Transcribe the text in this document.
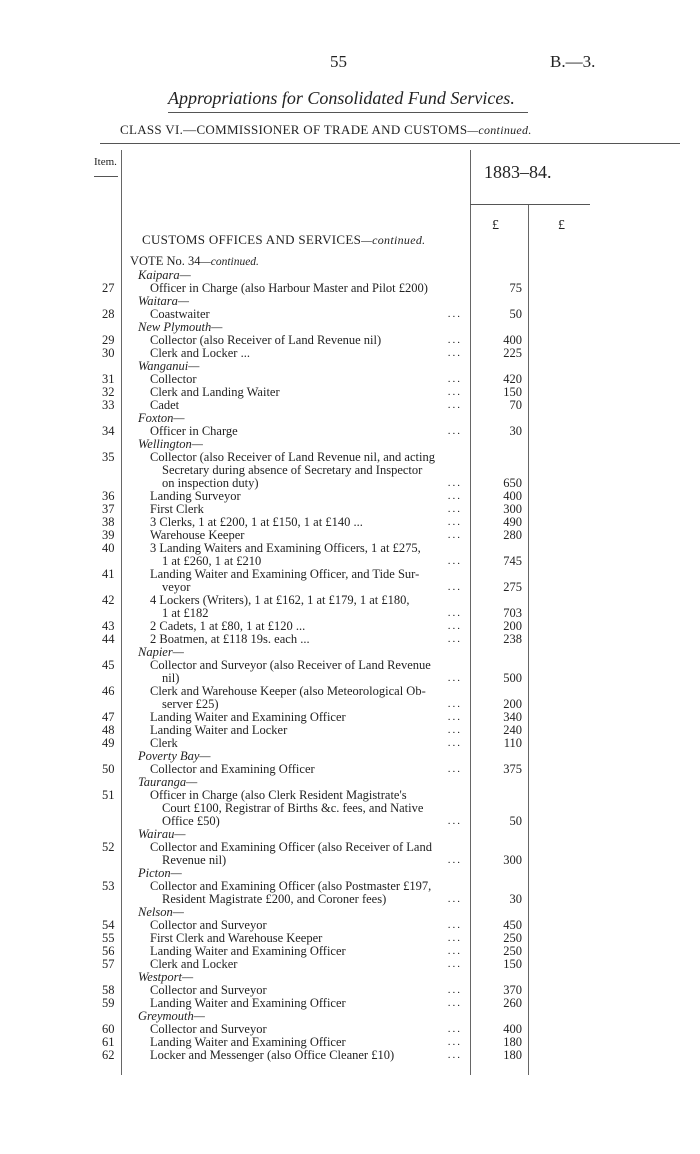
55	B.—3.
Appropriations for Consolidated Fund Services.
CLASS VI.—COMMISSIONER OF TRADE AND CUSTOMS—continued.
Item.	1883–84.
£	£
CUSTOMS OFFICES AND SERVICES—continued.
VOTE No. 34—continued.
Kaipara—
27	Officer in Charge (also Harbour Master and Pilot £200)	75
Waitara—
28	Coastwaiter	...	50
New Plymouth—
29	Collector (also Receiver of Land Revenue nil)	...	400
30	Clerk and Locker ...	...	225
Wanganui—
31	Collector	...	420
32	Clerk and Landing Waiter	...	150
33	Cadet	...	70
Foxton—
34	Officer in Charge	...	30
Wellington—
35	Collector (also Receiver of Land Revenue nil, and acting
Secretary during absence of Secretary and Inspector
on inspection duty)	...	650
36	Landing Surveyor	...	400
37	First Clerk	...	300
38	3 Clerks, 1 at £200, 1 at £150, 1 at £140 ...	...	490
39	Warehouse Keeper	...	280
40	3 Landing Waiters and Examining Officers, 1 at £275,
1 at £260, 1 at £210	...	745
41	Landing Waiter and Examining Officer, and Tide Sur-
veyor	...	275
42	4 Lockers (Writers), 1 at £162, 1 at £179, 1 at £180,
1 at £182	...	703
43	2 Cadets, 1 at £80, 1 at £120 ...	...	200
44	2 Boatmen, at £118 19s. each ...	...	238
Napier—
45	Collector and Surveyor (also Receiver of Land Revenue
nil)	...	500
46	Clerk and Warehouse Keeper (also Meteorological Ob-
server £25)	...	200
47	Landing Waiter and Examining Officer	...	340
48	Landing Waiter and Locker	...	240
49	Clerk	...	110
Poverty Bay—
50	Collector and Examining Officer	...	375
Tauranga—
51	Officer in Charge (also Clerk Resident Magistrate's
Court £100, Registrar of Births &c. fees, and Native
Office £50)	...	50
Wairau—
52	Collector and Examining Officer (also Receiver of Land
Revenue nil)	...	300
Picton—
53	Collector and Examining Officer (also Postmaster £197,
Resident Magistrate £200, and Coroner fees)	...	30
Nelson—
54	Collector and Surveyor	...	450
55	First Clerk and Warehouse Keeper	...	250
56	Landing Waiter and Examining Officer	...	250
57	Clerk and Locker	...	150
Westport—
58	Collector and Surveyor	...	370
59	Landing Waiter and Examining Officer	...	260
Greymouth—
60	Collector and Surveyor	...	400
61	Landing Waiter and Examining Officer	...	180
62	Locker and Messenger (also Office Cleaner £10)	...	180
